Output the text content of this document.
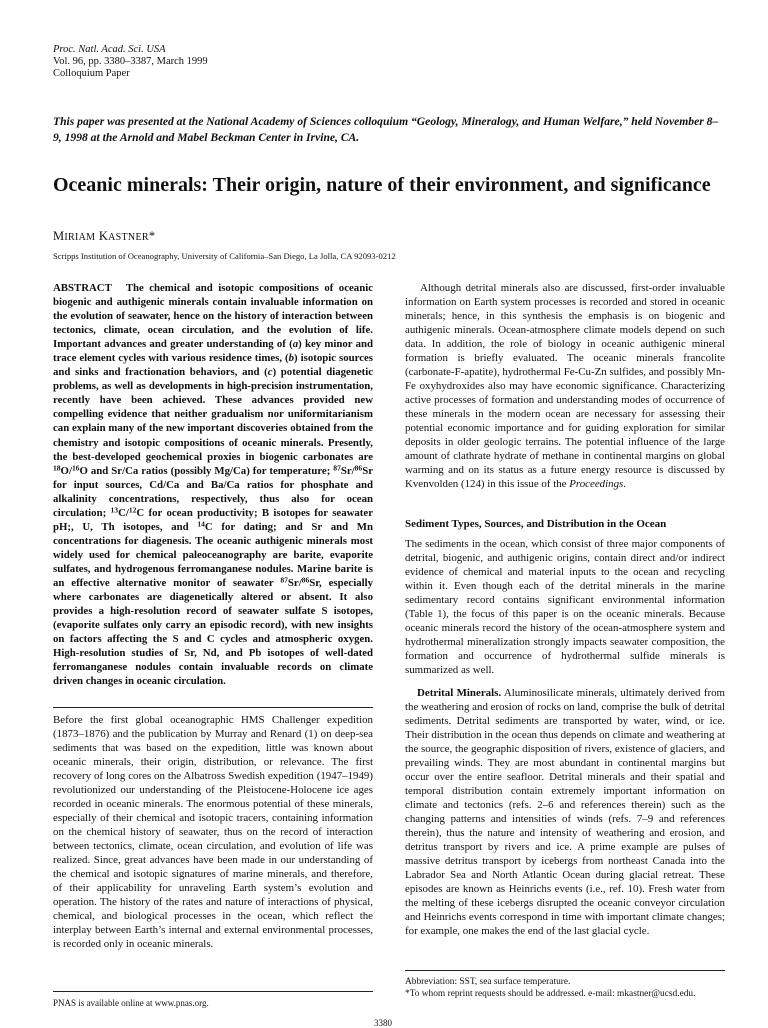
Proc. Natl. Acad. Sci. USA
Vol. 96, pp. 3380–3387, March 1999
Colloquium Paper
This paper was presented at the National Academy of Sciences colloquium “Geology, Mineralogy, and Human Welfare,” held November 8–9, 1998 at the Arnold and Mabel Beckman Center in Irvine, CA.
Oceanic minerals: Their origin, nature of their environment, and significance
MIRIAM KASTNER*
Scripps Institution of Oceanography, University of California–San Diego, La Jolla, CA 92093-0212

ABSTRACT The chemical and isotopic compositions of oceanic biogenic and authigenic minerals contain invaluable information on the evolution of seawater, hence on the history of interaction between tectonics, climate, ocean circulation, and the evolution of life. Important advances and greater understanding of (a) key minor and trace element cycles with various residence times, (b) isotopic sources and sinks and fractionation behaviors, and (c) potential diagenetic problems, as well as developments in high-precision instrumentation, recently have been achieved. These advances provided new compelling evidence that neither gradualism nor uniformitarianism can explain many of the new important discoveries obtained from the chemistry and isotopic compositions of oceanic minerals. Presently, the best-developed geochemical proxies in biogenic carbonates are $^{18}$O/$^{16}$O and Sr/Ca ratios (possibly Mg/Ca) for temperature; $^{87}$Sr/$^{86}$Sr for input sources, Cd/Ca and Ba/Ca ratios for phosphate and alkalinity concentrations, respectively, thus also for ocean circulation; $^{13}$C/$^{12}$C for ocean productivity; B isotopes for seawater pH;, U, Th isotopes, and $^{14}$C for dating; and Sr and Mn concentrations for diagenesis. The oceanic authigenic minerals most widely used for chemical paleoceanography are barite, evaporite sulfates, and hydrogenous ferromanganese nodules. Marine barite is an effective alternative monitor of seawater $^{87}$Sr/$^{86}$Sr, especially where carbonates are diagenetically altered or absent. It also provides a high-resolution record of seawater sulfate S isotopes, (evaporite sulfates only carry an episodic record), with new insights on factors affecting the S and C cycles and atmospheric oxygen. High-resolution studies of Sr, Nd, and Pb isotopes of well-dated ferromanganese nodules contain invaluable records on climate driven changes in oceanic circulation.

Before the first global oceanographic HMS Challenger expedition (1873–1876) and the publication by Murray and Renard (1) on deep-sea sediments that was based on the expedition, little was known about oceanic minerals, their origin, distribution, or relevance. The first recovery of long cores on the Albatross Swedish expedition (1947–1949) revolutionized our understanding of the Pleistocene-Holocene ice ages recorded in oceanic minerals. The enormous potential of these minerals, especially of their chemical and isotopic tracers, containing information on the chemical history of seawater, thus on the record of interaction between tectonics, climate, ocean circulation, and evolution of life was realized. Since, great advances have been made in our understanding of the chemical and isotopic signatures of marine minerals, and therefore, of their applicability for unraveling Earth system’s evolution and operation. The history of the rates and nature of interactions of physical, chemical, and biological processes in the ocean, which reflect the interplay between Earth’s internal and external environmental processes, is recorded only in oceanic minerals.

Although detrital minerals also are discussed, first-order invaluable information on Earth system processes is recorded and stored in oceanic minerals; hence, in this synthesis the emphasis is on biogenic and authigenic minerals. Ocean-atmosphere climate models depend on such data. In addition, the role of biology in oceanic authigenic mineral formation is briefly evaluated. The oceanic minerals francolite (carbonate-F-apatite), hydrothermal Fe-Cu-Zn sulfides, and possibly Mn-Fe oxyhydroxides also may have economic significance. Characterizing active processes of formation and understanding modes of occurrence of these minerals in the modern ocean are necessary for assessing their potential economic importance and for guiding exploration for similar deposits in older geologic terrains. The potential influence of the large amount of clathrate hydrate of methane in continental margins on global warming and on its status as a future energy resource is discussed by Kvenvolden (124) in this issue of the Proceedings.

Sediment Types, Sources, and Distribution in the Ocean

The sediments in the ocean, which consist of three major components of detrital, biogenic, and authigenic origins, contain direct and/or indirect evidence of chemical and material inputs to the ocean and recycling within it. Even though each of the detrital minerals in the marine sedimentary record contains significant environmental information (Table 1), the focus of this paper is on the oceanic minerals. Because oceanic minerals record the history of the ocean-atmosphere system and hydrothermal mineralization strongly impacts seawater composition, the formation and occurrence of hydrothermal sulfide minerals is summarized as well.

Detrital Minerals. Aluminosilicate minerals, ultimately derived from the weathering and erosion of rocks on land, comprise the bulk of detrital sediments. Detrital sediments are transported by water, wind, or ice. Their distribution in the ocean thus depends on climate and weathering at the source, the geographic disposition of rivers, existence of glaciers, and prevailing winds. They are most abundant in continental margins but occur over the entire seafloor. Detrital minerals and their spatial and temporal distribution contain extremely important information on climate and tectonics (refs. 2–6 and references therein) such as the changing patterns and intensities of winds (refs. 7–9 and references therein), thus the nature and intensity of weathering and erosion, and detritus transport by rivers and ice. A prime example are pulses of massive detritus transport by icebergs from northeast Canada into the Labrador Sea and North Atlantic Ocean during glacial retreat. These episodes are known as Heinrichs events (i.e., ref. 10). Fresh water from the melting of these icebergs disrupted the oceanic conveyor circulation and Heinrichs events correspond in time with important climate changes; for example, one makes the end of the last glacial cycle.

Abbreviation: SST, sea surface temperature.
*To whom reprint requests should be addressed. e-mail: mkastner@ucsd.edu.
PNAS is available online at www.pnas.org.
3380
